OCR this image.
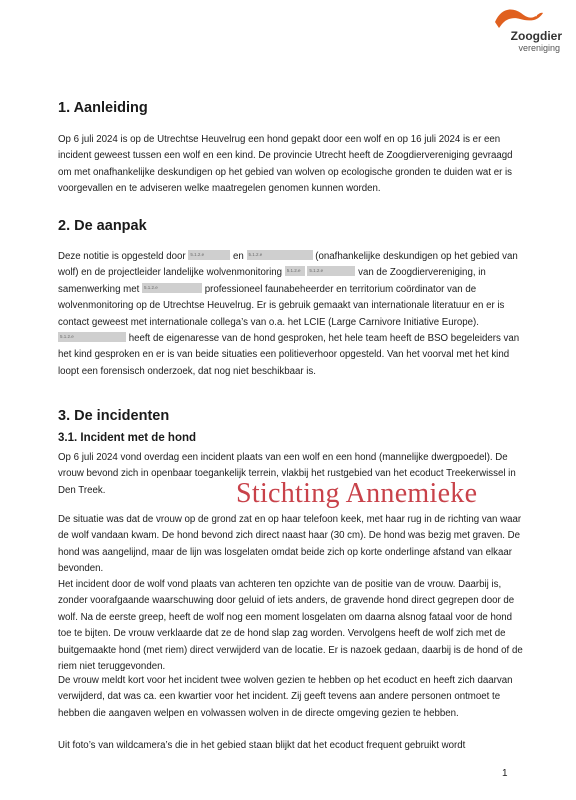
Zoogdier
vereniging
1. Aanleiding

Op 6 juli 2024 is op de Utrechtse Heuvelrug een hond gepakt door een wolf en op 16 juli 2024 is er een incident geweest tussen een wolf en een kind. De provincie Utrecht heeft de Zoogdiervereniging gevraagd om met onafhankelijke deskundigen op het gebied van wolven op ecologische gronden te duiden wat er is voorgevallen en te adviseren welke maatregelen genomen kunnen worden.

2. De aanpak

Deze notitie is opgesteld door 5.1.2.e	en 5.1.2.e	(onafhankelijke deskundigen op het gebied van wolf) en de projectleider landelijke wolvenmonitoring 5.1.2.e 5.1.2.e	van de Zoogdiervereniging, in samenwerking met 5.1.2.e	professioneel faunabeheerder en territorium coördinator van de wolvenmonitoring op de Utrechtse Heuvelrug. Er is gebruik gemaakt van internationale literatuur en er is contact geweest met internationale collega’s van o.a. het LCIE (Large Carnivore Initiative Europe). 5.1.2.e	heeft de eigenaresse van de hond gesproken, het hele team heeft de BSO begeleiders van het kind gesproken en er is van beide situaties een politieverhoor opgesteld. Van het voorval met het kind loopt een forensisch onderzoek, dat nog niet beschikbaar is.

3. De incidenten
3.1. Incident met de hond

Op 6 juli 2024 vond overdag een incident plaats van een wolf en een hond (mannelijke dwergpoedel). De vrouw bevond zich in openbaar toegankelijk terrein, vlakbij het rustgebied van het ecoduct Treekerwissel in Den Treek.

De situatie was dat de vrouw op de grond zat en op haar telefoon keek, met haar rug in de richting van waar de wolf vandaan kwam. De hond bevond zich direct naast haar (30 cm). De hond was bezig met graven. De hond was aangelijnd, maar de lijn was losgelaten omdat beide zich op korte onderlinge afstand van elkaar bevonden.

Het incident door de wolf vond plaats van achteren ten opzichte van de positie van de vrouw. Daarbij is, zonder voorafgaande waarschuwing door geluid of iets anders, de gravende hond direct gegrepen door de wolf. Na de eerste greep, heeft de wolf nog een moment losgelaten om daarna alsnog fataal voor de hond toe te bijten. De vrouw verklaarde dat ze de hond slap zag worden. Vervolgens heeft de wolf zich met de buitgemaakte hond (met riem) direct verwijderd van de locatie. Er is nazoek gedaan, daarbij is de hond of de riem niet teruggevonden.

De vrouw meldt kort voor het incident twee wolven gezien te hebben op het ecoduct en heeft zich daarvan verwijderd, dat was ca. een kwartier voor het incident. Zij geeft tevens aan andere personen ontmoet te hebben die aangaven welpen en volwassen wolven in de directe omgeving gezien te hebben.

Uit foto’s van wildcamera’s die in het gebied staan blijkt dat het ecoduct frequent gebruikt wordt

Stichting Annemieke
1
